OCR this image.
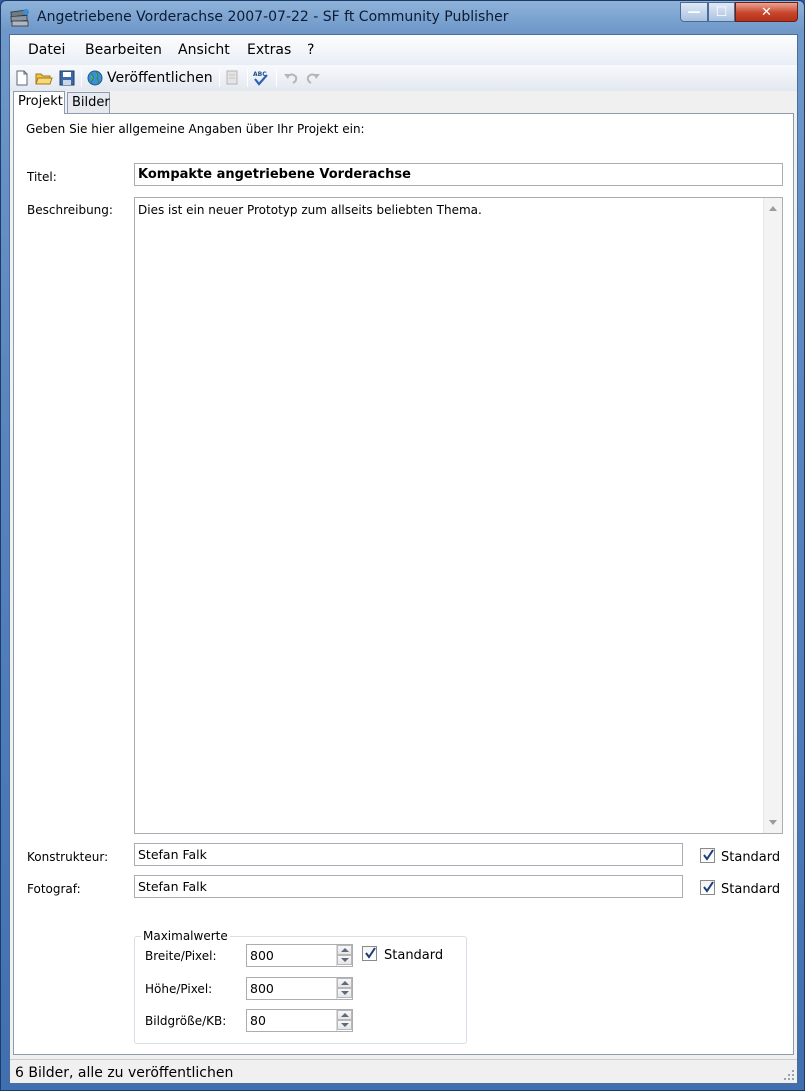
Angetriebene Vorderachse 2007-07-22 - SF ft Community Publisher	—	☐	✕
Datei Bearbeiten Ansicht Extras ?
Veröffentlichen	ABC
Projekt Bilder
Geben Sie hier allgemeine Angaben über Ihr Projekt ein:
Titel:	Kompakte angetriebene Vorderachse
Beschreibung:	Dies ist ein neuer Prototyp zum allseits beliebten Thema.
Konstrukteur:	Stefan Falk	Standard
Fotograf:	Stefan Falk	Standard
Maximalwerte
Breite/Pixel:	800	Standard
Höhe/Pixel:	800
Bildgröße/KB: 80
6 Bilder, alle zu veröffentlichen
